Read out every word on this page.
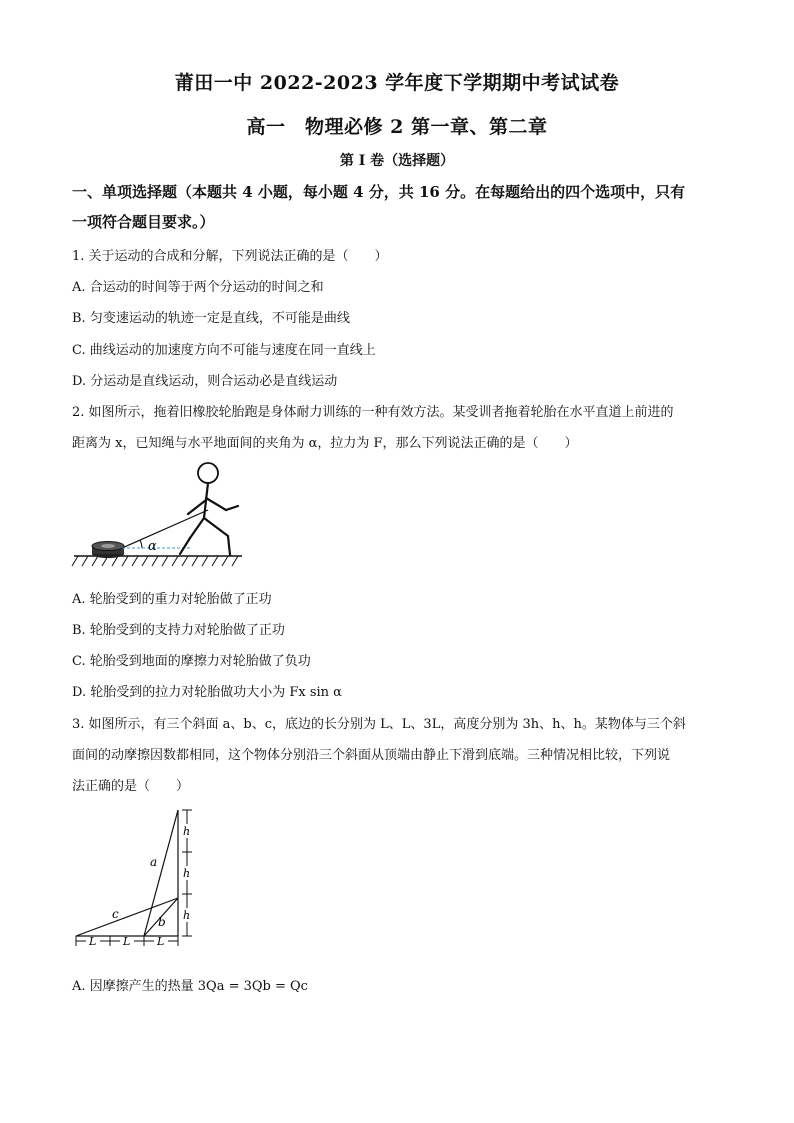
莆田一中 2022-2023 学年度下学期期中考试试卷
高一　物理必修 2 第一章、第二章
第 Ⅰ 卷（选择题）
一、单项选择题（本题共 4 小题，每小题 4 分，共 16 分。在每题给出的四个选项中，只有
一项符合题目要求。）
1. 关于运动的合成和分解，下列说法正确的是（　　）
A. 合运动的时间等于两个分运动的时间之和
B. 匀变速运动的轨迹一定是直线，不可能是曲线
C. 曲线运动的加速度方向不可能与速度在同一直线上
D. 分运动是直线运动，则合运动必是直线运动
2. 如图所示，拖着旧橡胶轮胎跑是身体耐力训练的一种有效方法。某受训者拖着轮胎在水平直道上前进的
距离为 x，已知绳与水平地面间的夹角为 α，拉力为 F，那么下列说法正确的是（　　）
α
A. 轮胎受到的重力对轮胎做了正功
B. 轮胎受到的支持力对轮胎做了正功
C. 轮胎受到地面的摩擦力对轮胎做了负功
D. 轮胎受到的拉力对轮胎做功大小为 Fx sin α
3. 如图所示，有三个斜面 a、b、c，底边的长分别为 L、L、3L，高度分别为 3h、h、h。某物体与三个斜
面间的动摩擦因数都相同，这个物体分别沿三个斜面从顶端由静止下滑到底端。三种情况相比较，下列说
法正确的是（　　）
a
b
c
h
h
h
L L L
A. 因摩擦产生的热量 3Qa = 3Qb = Qc
